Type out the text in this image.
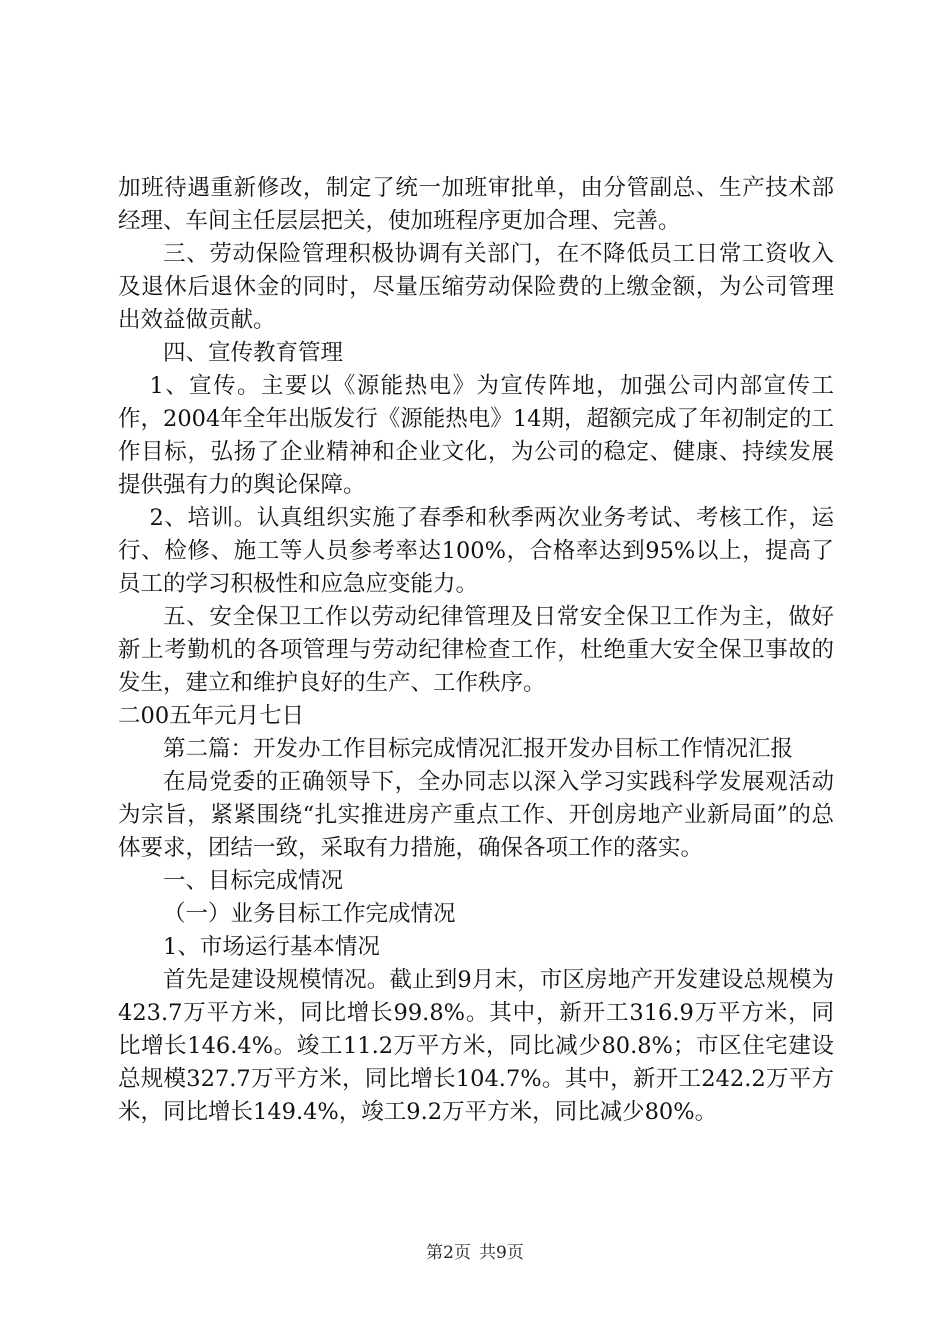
加班待遇重新修改，制定了统一加班审批单，由分管副总、生产技术部经理、车间主任层层把关，使加班程序更加合理、完善。

三、劳动保险管理积极协调有关部门，在不降低员工日常工资收入及退休后退休金的同时，尽量压缩劳动保险费的上缴金额，为公司管理出效益做贡献。

四、宣传教育管理

1、宣传。主要以《源能热电》为宣传阵地，加强公司内部宣传工作，2004年全年出版发行《源能热电》14期，超额完成了年初制定的工作目标，弘扬了企业精神和企业文化，为公司的稳定、健康、持续发展提供强有力的舆论保障。

2、培训。认真组织实施了春季和秋季两次业务考试、考核工作，运行、检修、施工等人员参考率达100%，合格率达到95%以上，提高了员工的学习积极性和应急应变能力。

五、安全保卫工作以劳动纪律管理及日常安全保卫工作为主，做好新上考勤机的各项管理与劳动纪律检查工作，杜绝重大安全保卫事故的发生，建立和维护良好的生产、工作秩序。

二00五年元月七日

第二篇：开发办工作目标完成情况汇报开发办目标工作情况汇报

在局党委的正确领导下，全办同志以深入学习实践科学发展观活动为宗旨，紧紧围绕“扎实推进房产重点工作、开创房地产业新局面”的总体要求，团结一致，采取有力措施，确保各项工作的落实。

一、目标完成情况

（一）业务目标工作完成情况

1、市场运行基本情况

首先是建设规模情况。截止到9月末，市区房地产开发建设总规模为423.7万平方米，同比增长99.8%。其中，新开工316.9万平方米，同比增长146.4%。竣工11.2万平方米，同比减少80.8%；市区住宅建设总规模327.7万平方米，同比增长104.7%。其中，新开工242.2万平方米，同比增长149.4%，竣工9.2万平方米，同比减少80%。

第2页 共9页
